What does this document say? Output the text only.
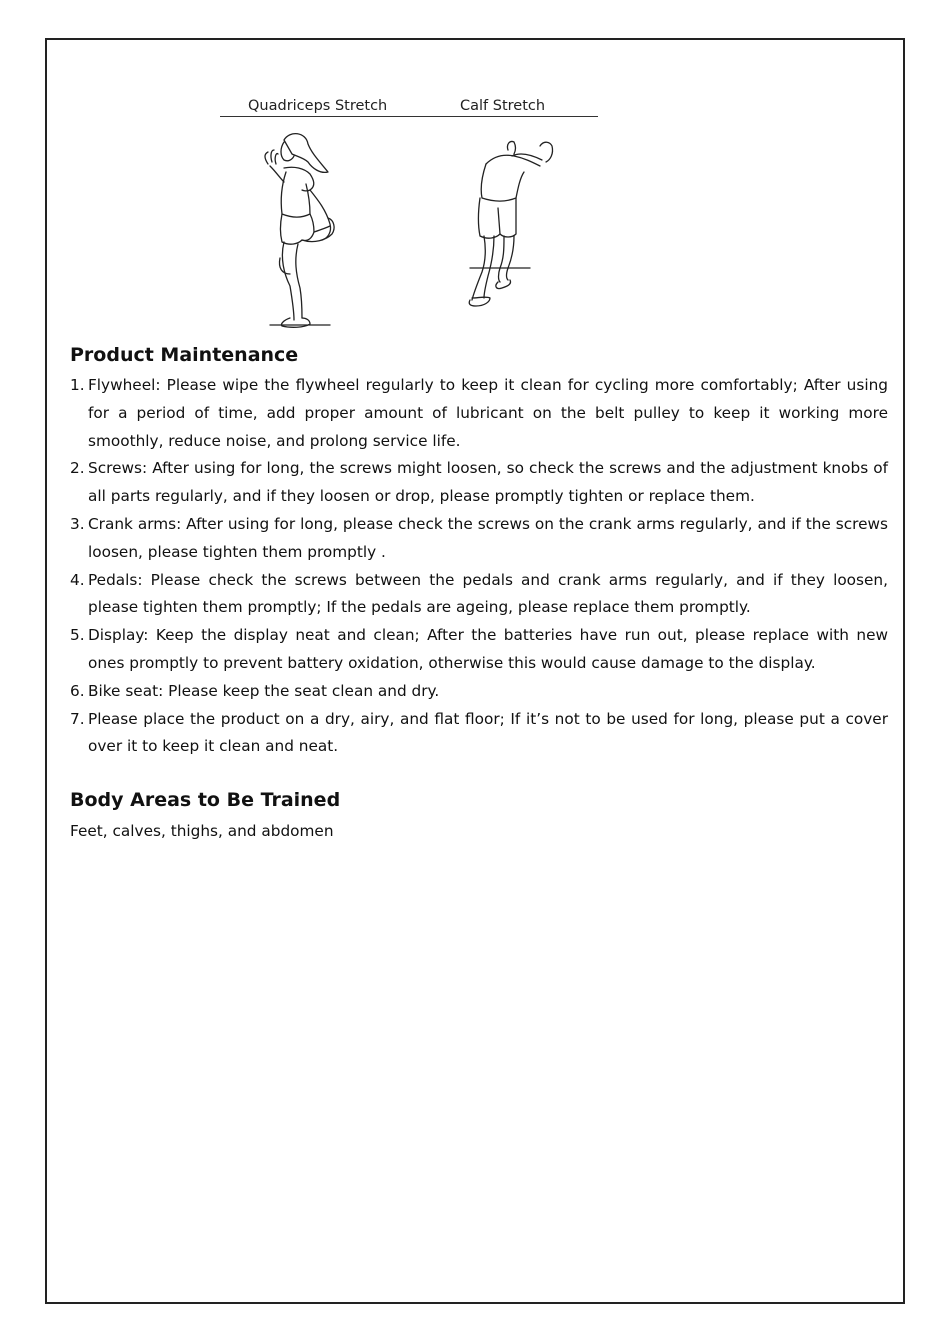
Quadriceps Stretch	Calf Stretch
Product Maintenance
1. Flywheel: Please wipe the flywheel regularly to keep it clean for cycling more comfortably; After using for a period of time, add proper amount of lubricant on the belt pulley to keep it working more smoothly, reduce noise, and prolong service life.
2. Screws: After using for long, the screws might loosen, so check the screws and the adjustment knobs of all parts regularly, and if they loosen or drop, please promptly tighten or replace them.
3. Crank arms: After using for long, please check the screws on the crank arms regularly, and if the screws loosen, please tighten them promptly .
4. Pedals: Please check the screws between the pedals and crank arms regularly, and if they loosen, please tighten them promptly; If the pedals are ageing, please replace them promptly.
5. Display: Keep the display neat and clean; After the batteries have run out, please replace with new ones promptly to prevent battery oxidation, otherwise this would cause damage to the display.
6. Bike seat: Please keep the seat clean and dry.
7. Please place the product on a dry, airy, and flat floor; If it’s not to be used for long, please put a cover over it to keep it clean and neat.
Body Areas to Be Trained
Feet, calves, thighs, and abdomen
